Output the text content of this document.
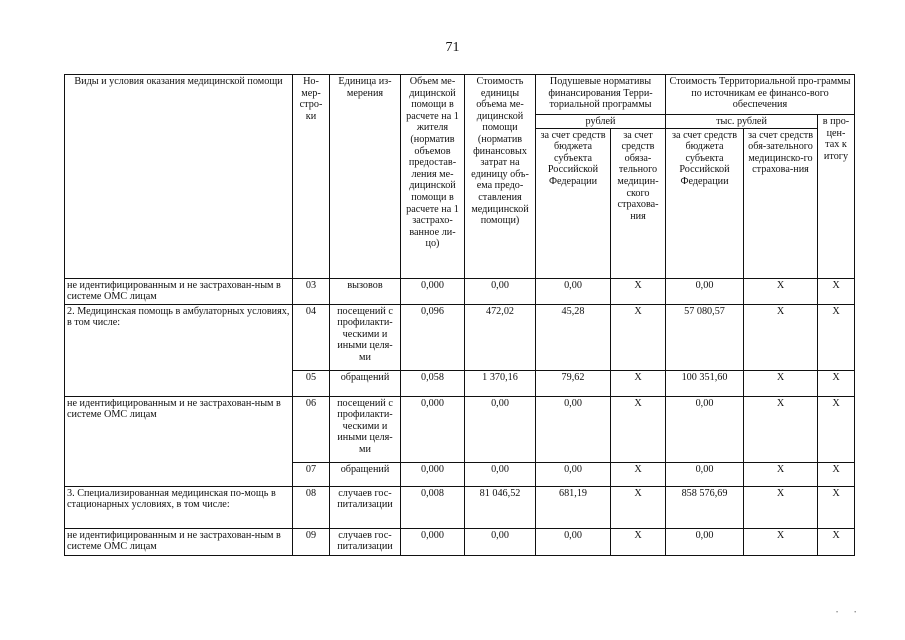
71
Виды и условия оказания медицинской помощи	Но-мер-стро-ки	Единица из-мерения	Объем ме-дицинской помощи в расчете на 1 жителя (норматив объемов предостав-ления ме-дицинской помощи в расчете на 1 застрахо-ванное ли-цо)	Стоимость единицы объема ме-дицинской помощи (норматив финансовых затрат на единицу объ-ема предо-ставления медицинской помощи)	Подушевые нормативы финансирования Терри-ториальной программы		Стоимость Территориальной про-граммы по источникам ее финансо-вого обеспечения		
					рублей		тыс. рублей		в про-цен-тах к итогу
					за счет средств бюджета субъекта Российской Федерации	за счет средств обяза-тельного медицин-ского страхова-ния	за счет средств бюджета субъекта Российской Федерации	за счет средств обя-зательного медицинско-го страхова-ния	
не идентифицированным и не застрахован-ным в системе ОМС лицам	03	вызовов	0,000	0,00	0,00	Х	0,00	Х	Х
2. Медицинская помощь в амбулаторных условиях, в том числе:	04	посещений с профилакти-ческими и иными целя-ми	0,096	472,02	45,28	Х	57 080,57	Х	Х
	05	обращений	0,058	1 370,16	79,62	Х	100 351,60	Х	Х
не идентифицированным и не застрахован-ным в системе ОМС лицам	06	посещений с профилакти-ческими и иными целя-ми	0,000	0,00	0,00	Х	0,00	Х	Х
	07	обращений	0,000	0,00	0,00	Х	0,00	Х	Х
3. Специализированная медицинская по-мощь в стационарных условиях, в том числе:	08	случаев гос-питализации	0,008	81 046,52	681,19	Х	858 576,69	Х	Х
не идентифицированным и не застрахован-ным в системе ОМС лицам	09	случаев гос-питализации	0,000	0,00	0,00	Х	0,00	Х	Х
•    •
